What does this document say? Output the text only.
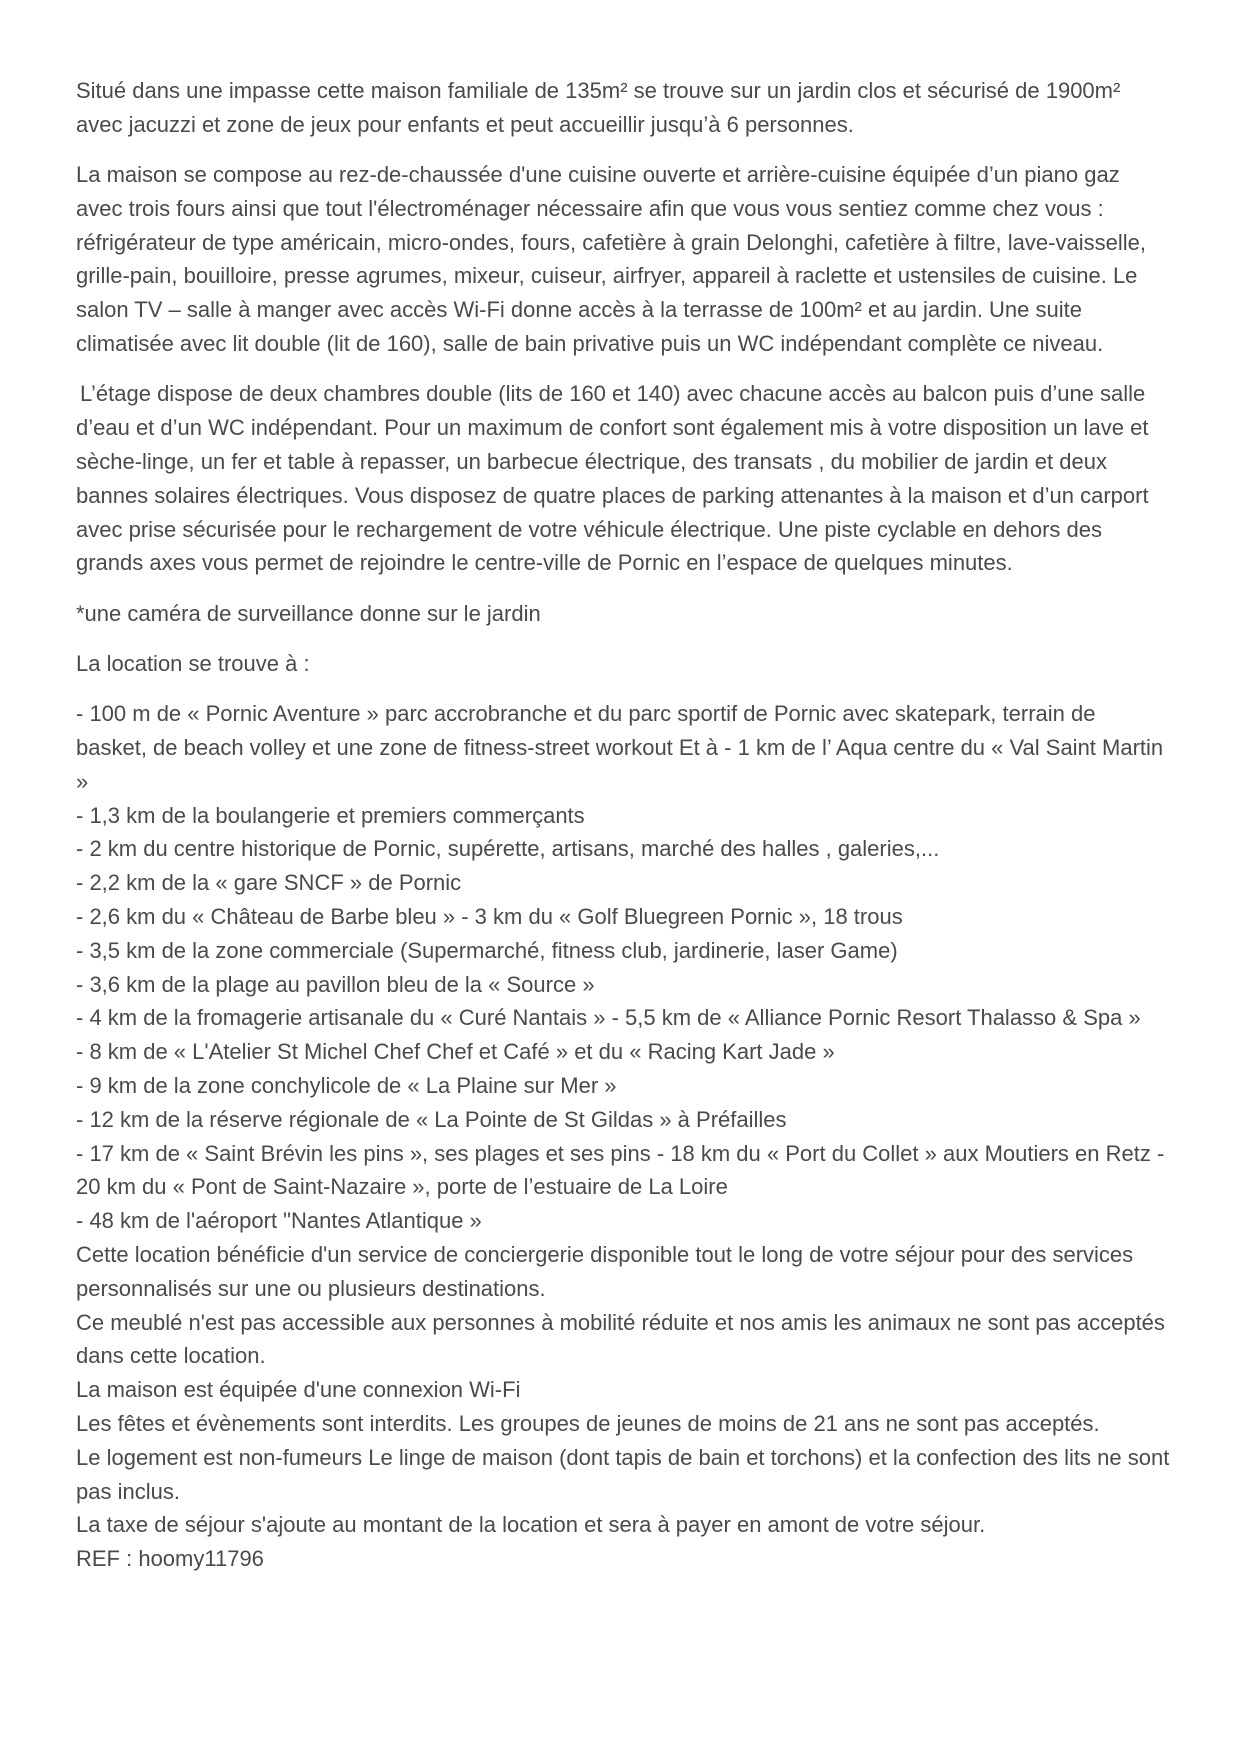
Situé dans une impasse cette maison familiale de 135m² se trouve sur un jardin clos et sécurisé de 1900m² avec jacuzzi et zone de jeux pour enfants et peut accueillir jusqu’à 6 personnes.

La maison se compose au rez-de-chaussée d'une cuisine ouverte et arrière-cuisine équipée d’un piano gaz avec trois fours ainsi que tout l'électroménager nécessaire afin que vous vous sentiez comme chez vous : réfrigérateur de type américain, micro-ondes, fours, cafetière à grain Delonghi, cafetière à filtre, lave-vaisselle, grille-pain, bouilloire, presse agrumes, mixeur, cuiseur, airfryer, appareil à raclette et ustensiles de cuisine. Le salon TV – salle à manger avec accès Wi-Fi donne accès à la terrasse de 100m² et au jardin. Une suite climatisée avec lit double (lit de 160), salle de bain privative puis un WC indépendant complète ce niveau.

L’étage dispose de deux chambres double (lits de 160 et 140) avec chacune accès au balcon puis d’une salle d’eau et d’un WC indépendant. Pour un maximum de confort sont également mis à votre disposition un lave et sèche-linge, un fer et table à repasser, un barbecue électrique, des transats , du mobilier de jardin et deux bannes solaires électriques. Vous disposez de quatre places de parking attenantes à la maison et d’un carport avec prise sécurisée pour le rechargement de votre véhicule électrique. Une piste cyclable en dehors des grands axes vous permet de rejoindre le centre-ville de Pornic en l’espace de quelques minutes.

*une caméra de surveillance donne sur le jardin

La location se trouve à :

- 100 m de « Pornic Aventure » parc accrobranche et du parc sportif de Pornic avec skatepark, terrain de basket, de beach volley et une zone de fitness-street workout Et à - 1 km de l’ Aqua centre du « Val Saint Martin »
- 1,3 km de la boulangerie et premiers commerçants
- 2 km du centre historique de Pornic, supérette, artisans, marché des halles , galeries,...
- 2,2 km de la « gare SNCF » de Pornic
- 2,6 km du « Château de Barbe bleu » - 3 km du « Golf Bluegreen Pornic », 18 trous
- 3,5 km de la zone commerciale (Supermarché, fitness club, jardinerie, laser Game)
- 3,6 km de la plage au pavillon bleu de la « Source »
- 4 km de la fromagerie artisanale du « Curé Nantais » - 5,5 km de « Alliance Pornic Resort Thalasso & Spa »
- 8 km de « L'Atelier St Michel Chef Chef et Café » et du « Racing Kart Jade »
- 9 km de la zone conchylicole de « La Plaine sur Mer »
- 12 km de la réserve régionale de « La Pointe de St Gildas » à Préfailles
- 17 km de « Saint Brévin les pins », ses plages et ses pins - 18 km du « Port du Collet » aux Moutiers en Retz - 20 km du « Pont de Saint-Nazaire », porte de l’estuaire de La Loire
- 48 km de l'aéroport "Nantes Atlantique »
Cette location bénéficie d'un service de conciergerie disponible tout le long de votre séjour pour des services personnalisés sur une ou plusieurs destinations.
Ce meublé n'est pas accessible aux personnes à mobilité réduite et nos amis les animaux ne sont pas acceptés dans cette location.
La maison est équipée d'une connexion Wi-Fi
Les fêtes et évènements sont interdits. Les groupes de jeunes de moins de 21 ans ne sont pas acceptés.
Le logement est non-fumeurs Le linge de maison (dont tapis de bain et torchons) et la confection des lits ne sont pas inclus.
La taxe de séjour s'ajoute au montant de la location et sera à payer en amont de votre séjour.
REF : hoomy11796
